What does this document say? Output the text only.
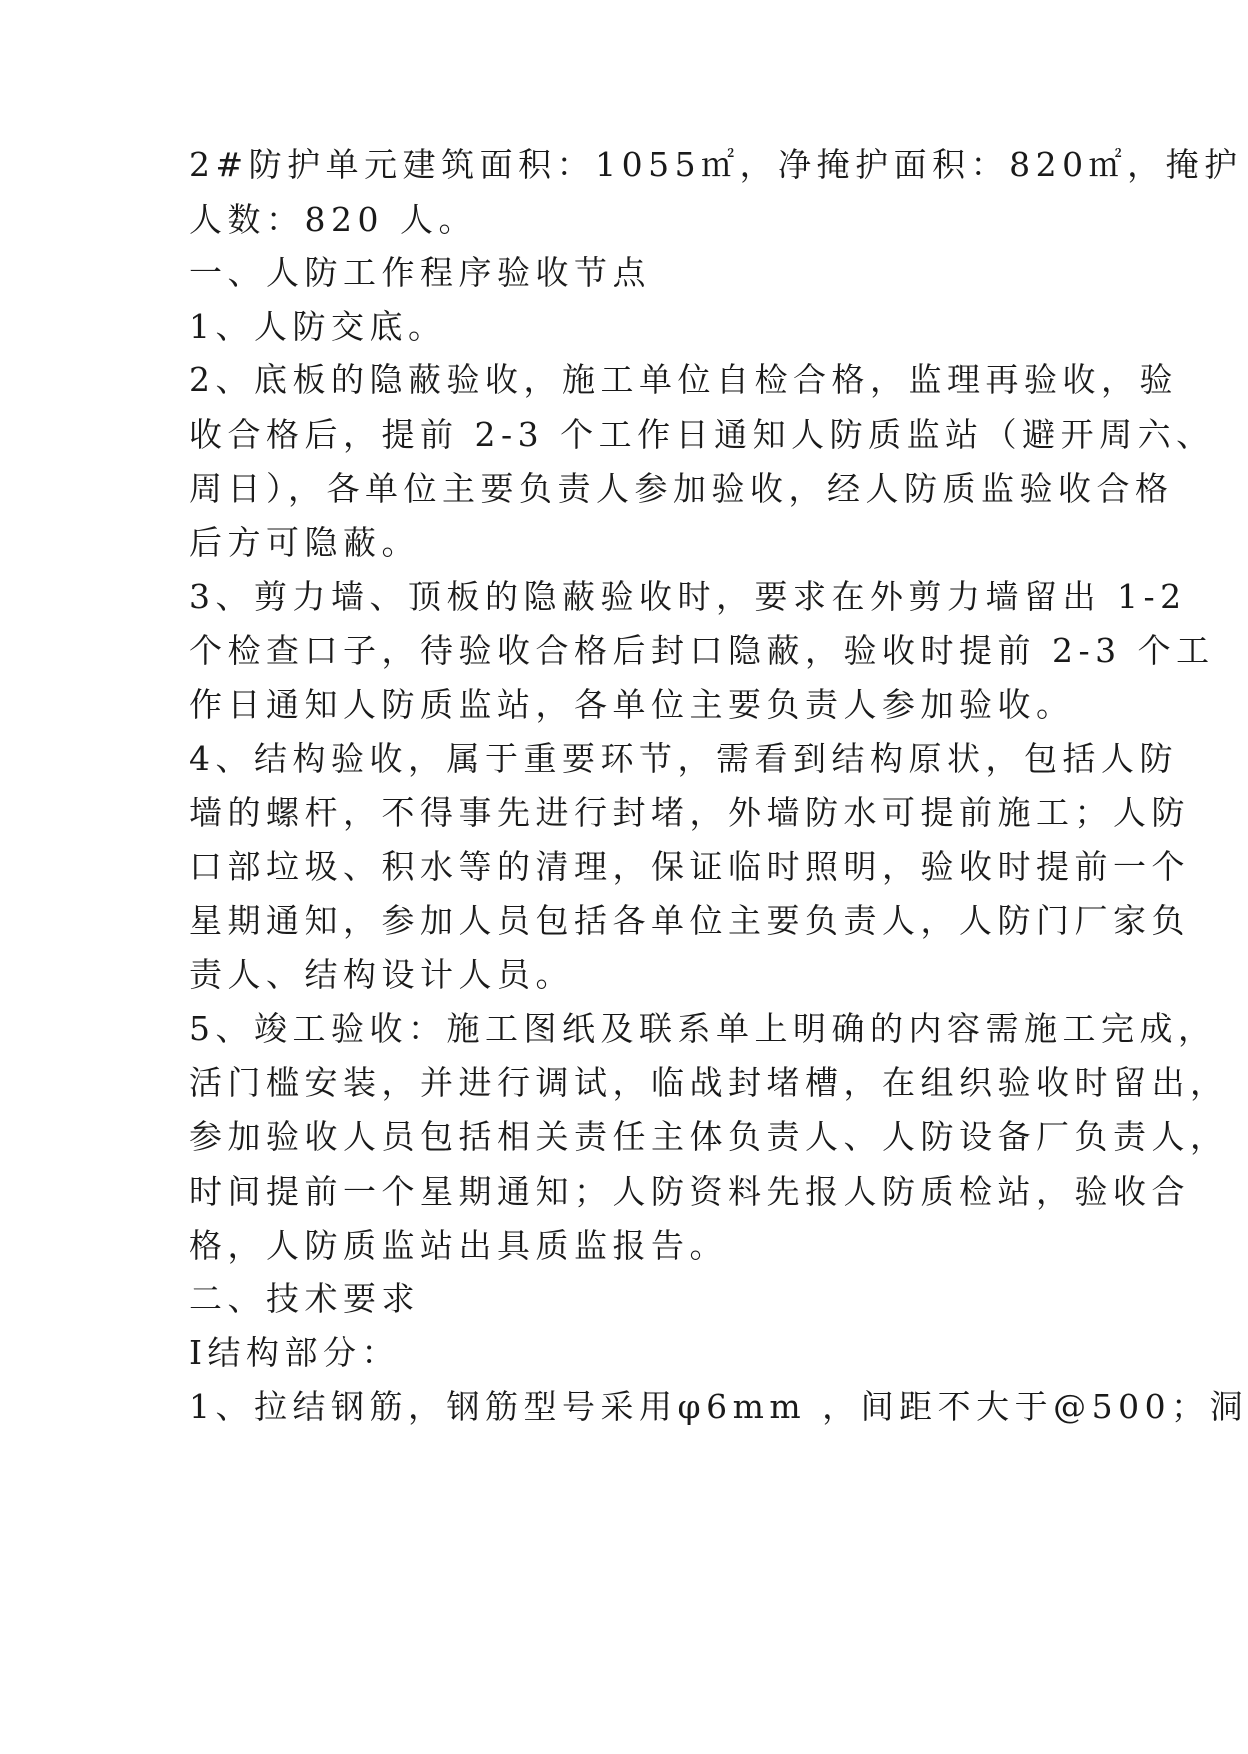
2#防护单元建筑面积：1055㎡，净掩护面积：820㎡，掩护
人数：820 人。
一、人防工作程序验收节点
1、人防交底。
2、底板的隐蔽验收，施工单位自检合格，监理再验收，验
收合格后，提前 2-3 个工作日通知人防质监站（避开周六、
周日），各单位主要负责人参加验收，经人防质监验收合格
后方可隐蔽。
3、剪力墙、顶板的隐蔽验收时，要求在外剪力墙留出 1-2
个检查口子，待验收合格后封口隐蔽，验收时提前 2-3 个工
作日通知人防质监站，各单位主要负责人参加验收。
4、结构验收，属于重要环节，需看到结构原状，包括人防
墙的螺杆，不得事先进行封堵，外墙防水可提前施工；人防
口部垃圾、积水等的清理，保证临时照明，验收时提前一个
星期通知，参加人员包括各单位主要负责人，人防门厂家负
责人、结构设计人员。
5、竣工验收：施工图纸及联系单上明确的内容需施工完成，
活门槛安装，并进行调试，临战封堵槽，在组织验收时留出，
参加验收人员包括相关责任主体负责人、人防设备厂负责人，
时间提前一个星期通知；人防资料先报人防质检站，验收合
格，人防质监站出具质监报告。
二、技术要求
Ⅰ结构部分：
1、拉结钢筋，钢筋型号采用φ6mm ，间距不大于@500；洞
